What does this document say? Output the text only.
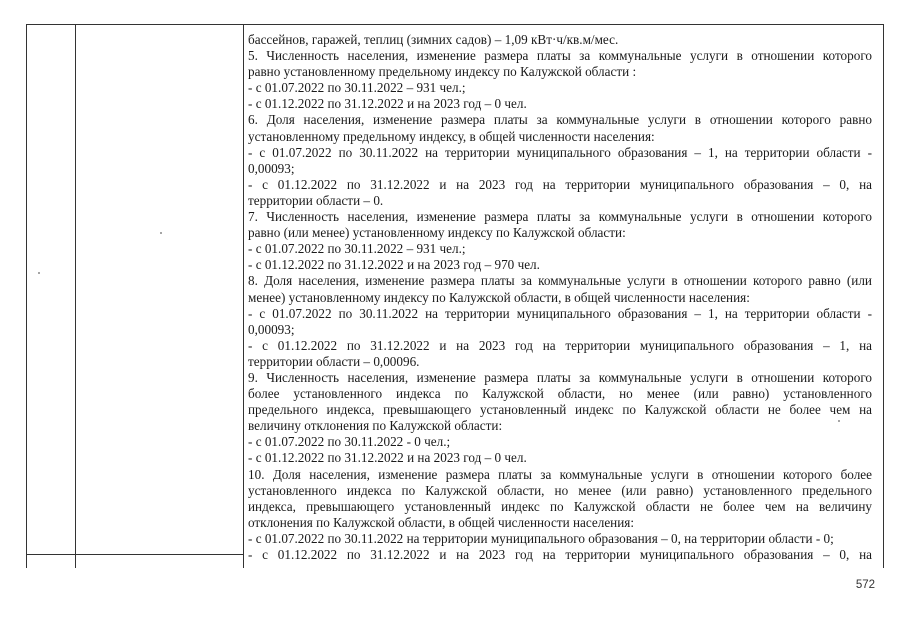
бассейнов, гаражей, теплиц (зимних садов) – 1,09 кВт·ч/кв.м/мес.
5. Численность населения, изменение размера платы за коммунальные услуги в отношении которого
равно установленному предельному индексу по Калужской области :
- с 01.07.2022 по 30.11.2022 – 931 чел.;
- с 01.12.2022 по 31.12.2022 и на 2023 год – 0 чел.
6. Доля населения, изменение размера платы за коммунальные услуги в отношении которого равно
установленному предельному индексу, в общей численности населения:
- с 01.07.2022 по 30.11.2022 на территории муниципального образования – 1, на территории области -
0,00093;
- с 01.12.2022 по 31.12.2022 и на 2023 год на территории муниципального образования – 0, на
территории области – 0.
7. Численность населения, изменение размера платы за коммунальные услуги в отношении которого
равно (или менее) установленному индексу по Калужской области:
- с 01.07.2022 по 30.11.2022 – 931 чел.;
- с 01.12.2022 по 31.12.2022 и на 2023 год – 970 чел.
8. Доля населения, изменение размера платы за коммунальные услуги в отношении которого равно (или
менее) установленному индексу по Калужской области, в общей численности населения:
- с 01.07.2022 по 30.11.2022 на территории муниципального образования – 1, на территории области -
0,00093;
- с 01.12.2022 по 31.12.2022 и на 2023 год на территории муниципального образования – 1, на
территории области – 0,00096.
9. Численность населения, изменение размера платы за коммунальные услуги в отношении которого
более установленного индекса по Калужской области, но менее (или равно) установленного
предельного индекса, превышающего установленный индекс по Калужской области не более чем на
величину отклонения по Калужской области:
- с 01.07.2022 по 30.11.2022 - 0 чел.;
- с 01.12.2022 по 31.12.2022 и на 2023 год – 0 чел.
10. Доля населения, изменение размера платы за коммунальные услуги в отношении которого более
установленного индекса по Калужской области, но менее (или равно) установленного предельного
индекса, превышающего установленный индекс по Калужской области не более чем на величину
отклонения по Калужской области, в общей численности населения:
- с 01.07.2022 по 30.11.2022 на территории муниципального образования – 0, на территории области - 0;
- с 01.12.2022 по 31.12.2022 и на 2023 год на территории муниципального образования – 0, на
572
